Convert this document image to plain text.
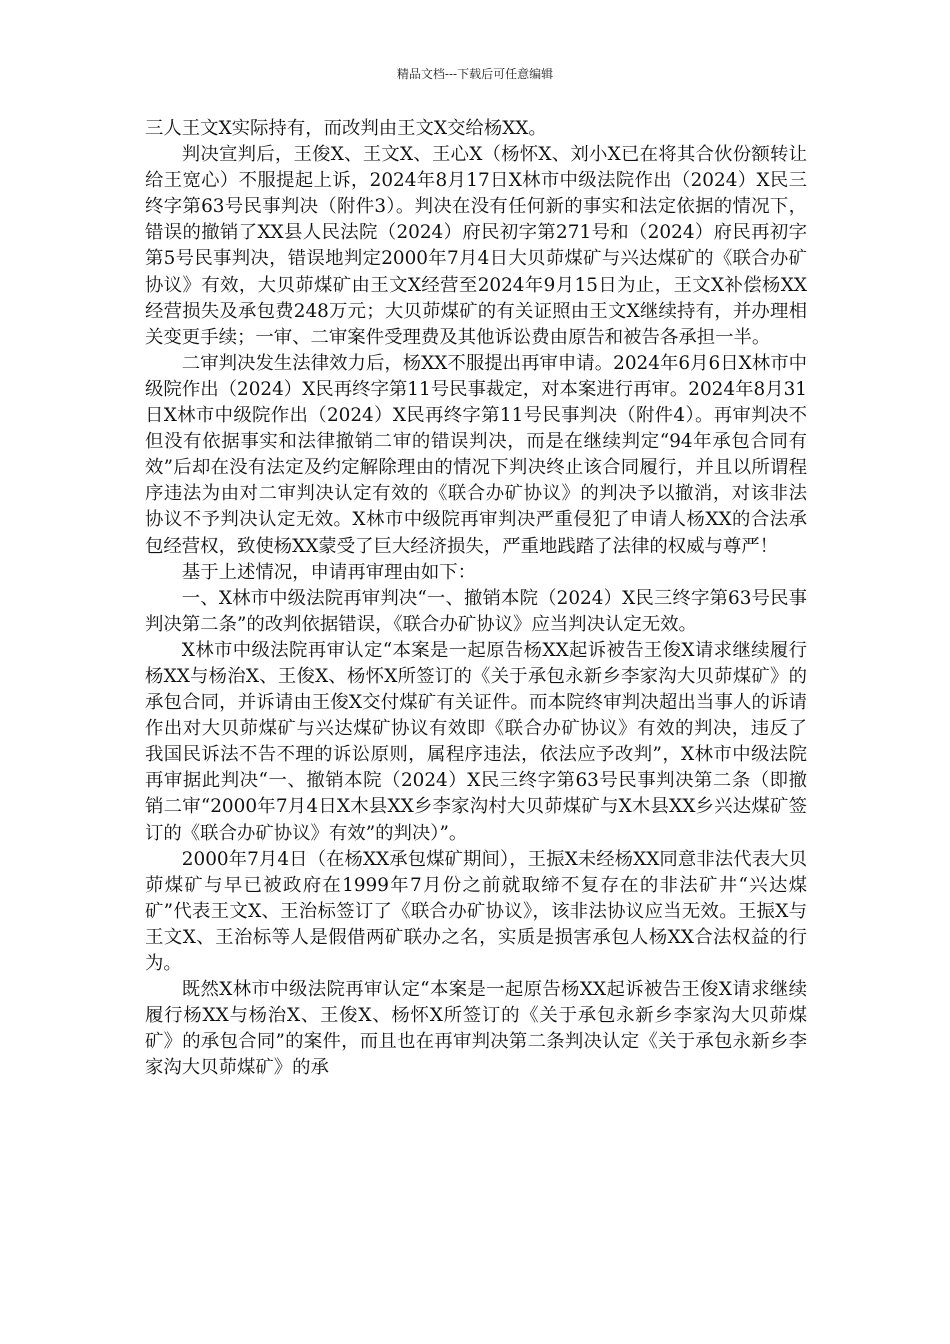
精品文档---下载后可任意编辑

三人王文X实际持有，而改判由王文X交给杨XX。

判决宣判后，王俊X、王文X、王心X（杨怀X、刘小X已在将其合伙份额转让给王宽心）不服提起上诉，2024年8月17日X林市中级法院作出（2024）X民三终字第63号民事判决（附件3）。判决在没有任何新的事实和法定依据的情况下，错误的撤销了XX县人民法院（2024）府民初字第271号和（2024）府民再初字第5号民事判决，错误地判定2000年7月4日大贝茆煤矿与兴达煤矿的《联合办矿协议》有效，大贝茆煤矿由王文X经营至2024年9月15日为止，王文X补偿杨XX经营损失及承包费248万元；大贝茆煤矿的有关证照由王文X继续持有，并办理相关变更手续；一审、二审案件受理费及其他诉讼费由原告和被告各承担一半。

二审判决发生法律效力后，杨XX不服提出再审申请。2024年6月6日X林市中级院作出（2024）X民再终字第11号民事裁定，对本案进行再审。2024年8月31日X林市中级院作出（2024）X民再终字第11号民事判决（附件4）。再审判决不但没有依据事实和法律撤销二审的错误判决，而是在继续判定“94年承包合同有效”后却在没有法定及约定解除理由的情况下判决终止该合同履行，并且以所谓程序违法为由对二审判决认定有效的《联合办矿协议》的判决予以撤消，对该非法协议不予判决认定无效。X林市中级院再审判决严重侵犯了申请人杨XX的合法承包经营权，致使杨XX蒙受了巨大经济损失，严重地践踏了法律的权威与尊严！

基于上述情况，申请再审理由如下：

一、X林市中级法院再审判决“一、撤销本院（2024）X民三终字第63号民事判决第二条”的改判依据错误，《联合办矿协议》应当判决认定无效。

X林市中级法院再审认定“本案是一起原告杨XX起诉被告王俊X请求继续履行杨XX与杨治X、王俊X、杨怀X所签订的《关于承包永新乡李家沟大贝茆煤矿》的承包合同，并诉请由王俊X交付煤矿有关证件。而本院终审判决超出当事人的诉请作出对大贝茆煤矿与兴达煤矿协议有效即《联合办矿协议》有效的判决，违反了我国民诉法不告不理的诉讼原则，属程序违法，依法应予改判”，X林市中级法院再审据此判决“一、撤销本院（2024）X民三终字第63号民事判决第二条（即撤销二审“2000年7月4日X木县XX乡李家沟村大贝茆煤矿与X木县XX乡兴达煤矿签订的《联合办矿协议》有效”的判决）”。

2000年7月4日（在杨XX承包煤矿期间），王振X未经杨XX同意非法代表大贝茆煤矿与早已被政府在1999年7月份之前就取缔不复存在的非法矿井“兴达煤矿”代表王文X、王治标签订了《联合办矿协议》，该非法协议应当无效。王振X与王文X、王治标等人是假借两矿联办之名，实质是损害承包人杨XX合法权益的行为。

既然X林市中级法院再审认定“本案是一起原告杨XX起诉被告王俊X请求继续履行杨XX与杨治X、王俊X、杨怀X所签订的《关于承包永新乡李家沟大贝茆煤矿》的承包合同”的案件，而且也在再审判决第二条判决认定《关于承包永新乡李家沟大贝茆煤矿》的承
